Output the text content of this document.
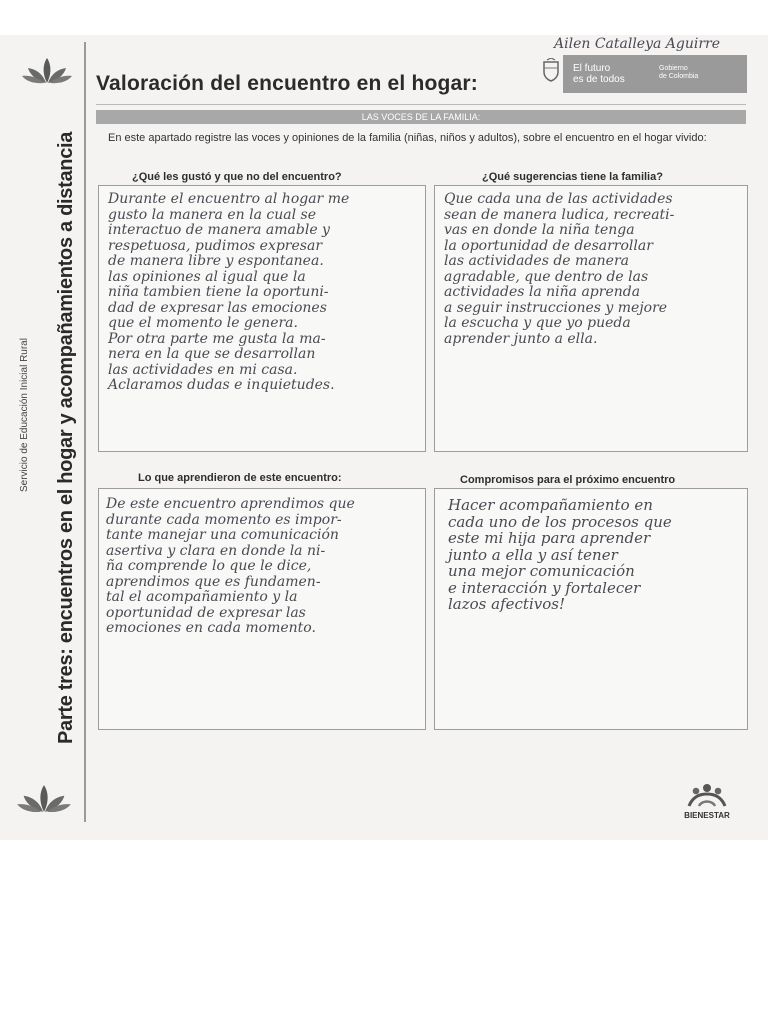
Ailen Catalleya Aguirre
Parte tres: encuentros en el hogar y acompañamientos a distancia
Servicio de Educación Inicial Rural
Valoración del encuentro en el hogar:
El futuro
es de todos
Gobierno
de Colombia
LAS VOCES DE LA FAMILIA:
En este apartado registre las voces y opiniones de la familia (niñas, niños y adultos), sobre el encuentro en el hogar vivido:
¿Qué les gustó y que no del encuentro?	¿Qué sugerencias tiene la familia?
Lo que aprendieron de este encuentro:	Compromisos para el próximo encuentro
Durante el encuentro al hogar me
gusto la manera en la cual se
interactuo de manera amable y
respetuosa, pudimos expresar
de manera libre y espontanea.
las opiniones al igual que la
niña tambien tiene la oportuni-
dad de expresar las emociones
que el momento le genera.
Por otra parte me gusta la ma-
nera en la que se desarrollan
las actividades en mi casa.
Aclaramos dudas e inquietudes.
Que cada una de las actividades
sean de manera ludica, recreati-
vas en donde la niña tenga
la oportunidad de desarrollar
las actividades de manera
agradable, que dentro de las
actividades la niña aprenda
a seguir instrucciones y mejore
la escucha y que yo pueda
aprender junto a ella.
De este encuentro aprendimos que
durante cada momento es impor-
tante manejar una comunicación
asertiva y clara en donde la ni-
ña comprende lo que le dice,
aprendimos que es fundamen-
tal el acompañamiento y la
oportunidad de expresar las
emociones en cada momento.
Hacer acompañamiento en
cada uno de los procesos que
este mi hija para aprender
junto a ella y así tener
una mejor comunicación
e interacción y fortalecer
lazos afectivos!
BIENESTAR
